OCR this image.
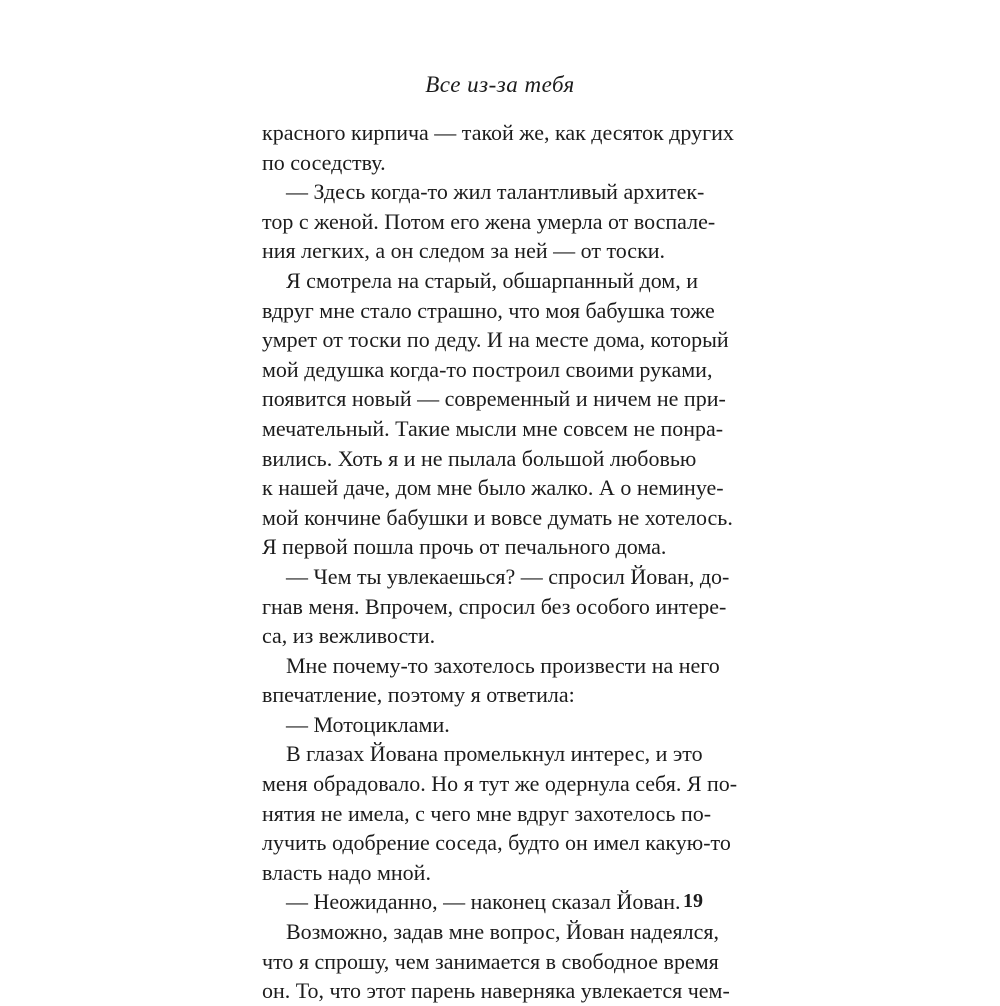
Все из-за тебя
красного кирпича — такой же, как десяток других
по соседству.
— Здесь когда-то жил талантливый архитек-
тор с женой. Потом его жена умерла от воспале-
ния легких, а он следом за ней — от тоски.
Я смотрела на старый, обшарпанный дом, и
вдруг мне стало страшно, что моя бабушка тоже
умрет от тоски по деду. И на месте дома, который
мой дедушка когда-то построил своими руками,
появится новый — современный и ничем не при-
мечательный. Такие мысли мне совсем не понра-
вились. Хоть я и не пылала большой любовью
к нашей даче, дом мне было жалко. А о неминуе-
мой кончине бабушки и вовсе думать не хотелось.
Я первой пошла прочь от печального дома.
— Чем ты увлекаешься? — спросил Йован, до-
гнав меня. Впрочем, спросил без особого интере-
са, из вежливости.
Мне почему-то захотелось произвести на него
впечатление, поэтому я ответила:
— Мотоциклами.
В глазах Йована промелькнул интерес, и это
меня обрадовало. Но я тут же одернула себя. Я по-
нятия не имела, с чего мне вдруг захотелось по-
лучить одобрение соседа, будто он имел какую-то
власть надо мной.
— Неожиданно, — наконец сказал Йован.
Возможно, задав мне вопрос, Йован надеялся,
что я спрошу, чем занимается в свободное время
он. То, что этот парень наверняка увлекается чем-
19
